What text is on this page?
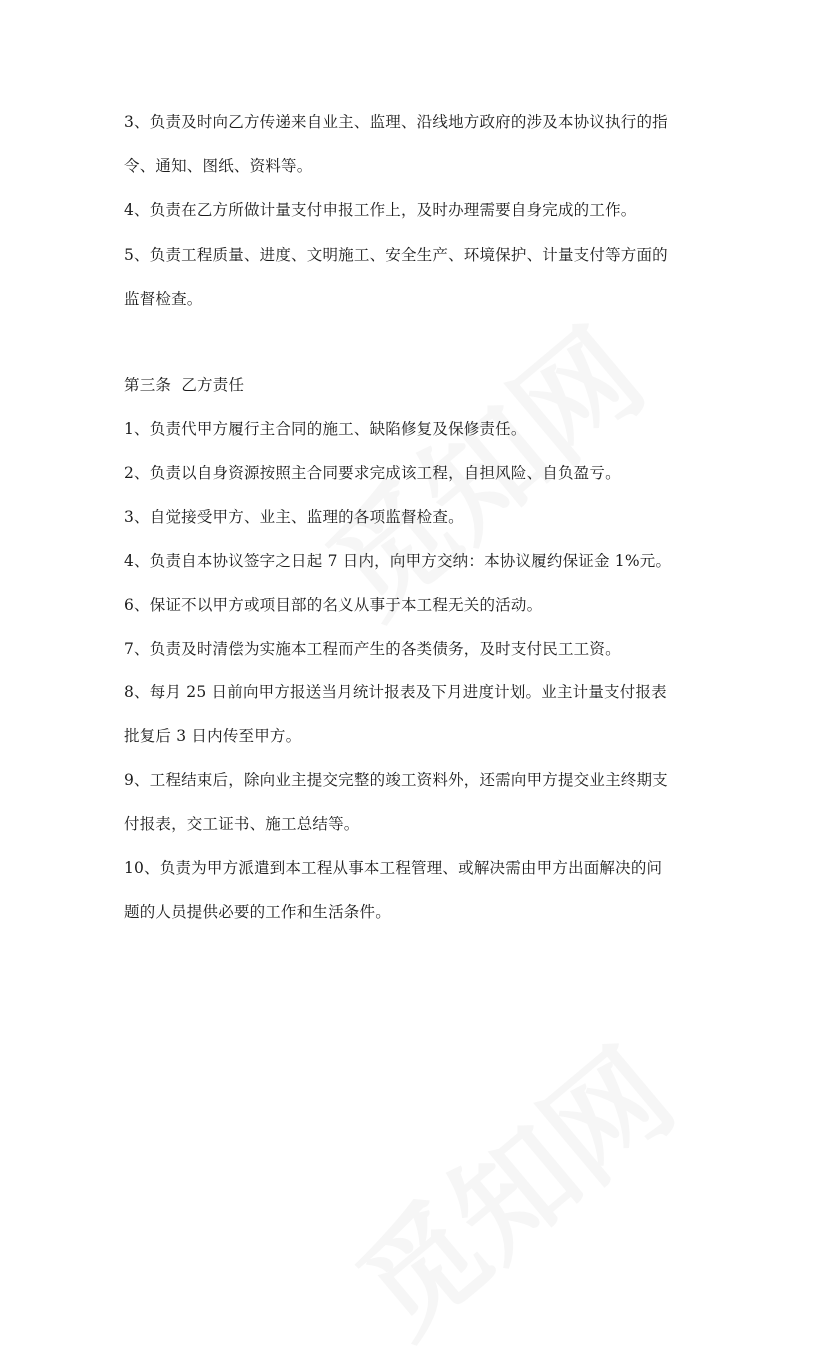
3、负责及时向乙方传递来自业主、监理、沿线地方政府的涉及本协议执行的指
令、通知、图纸、资料等。
4、负责在乙方所做计量支付申报工作上，及时办理需要自身完成的工作。
5、负责工程质量、进度、文明施工、安全生产、环境保护、计量支付等方面的
监督检查。
第三条  乙方责任
1、负责代甲方履行主合同的施工、缺陷修复及保修责任。
2、负责以自身资源按照主合同要求完成该工程，自担风险、自负盈亏。
3、自觉接受甲方、业主、监理的各项监督检查。
4、负责自本协议签字之日起 7 日内，向甲方交纳：本协议履约保证金 1%元。
6、保证不以甲方或项目部的名义从事于本工程无关的活动。
7、负责及时清偿为实施本工程而产生的各类债务，及时支付民工工资。
8、每月 25 日前向甲方报送当月统计报表及下月进度计划。业主计量支付报表
批复后 3 日内传至甲方。
9、工程结束后，除向业主提交完整的竣工资料外，还需向甲方提交业主终期支
付报表，交工证书、施工总结等。
10、负责为甲方派遣到本工程从事本工程管理、或解决需由甲方出面解决的问
题的人员提供必要的工作和生活条件。
